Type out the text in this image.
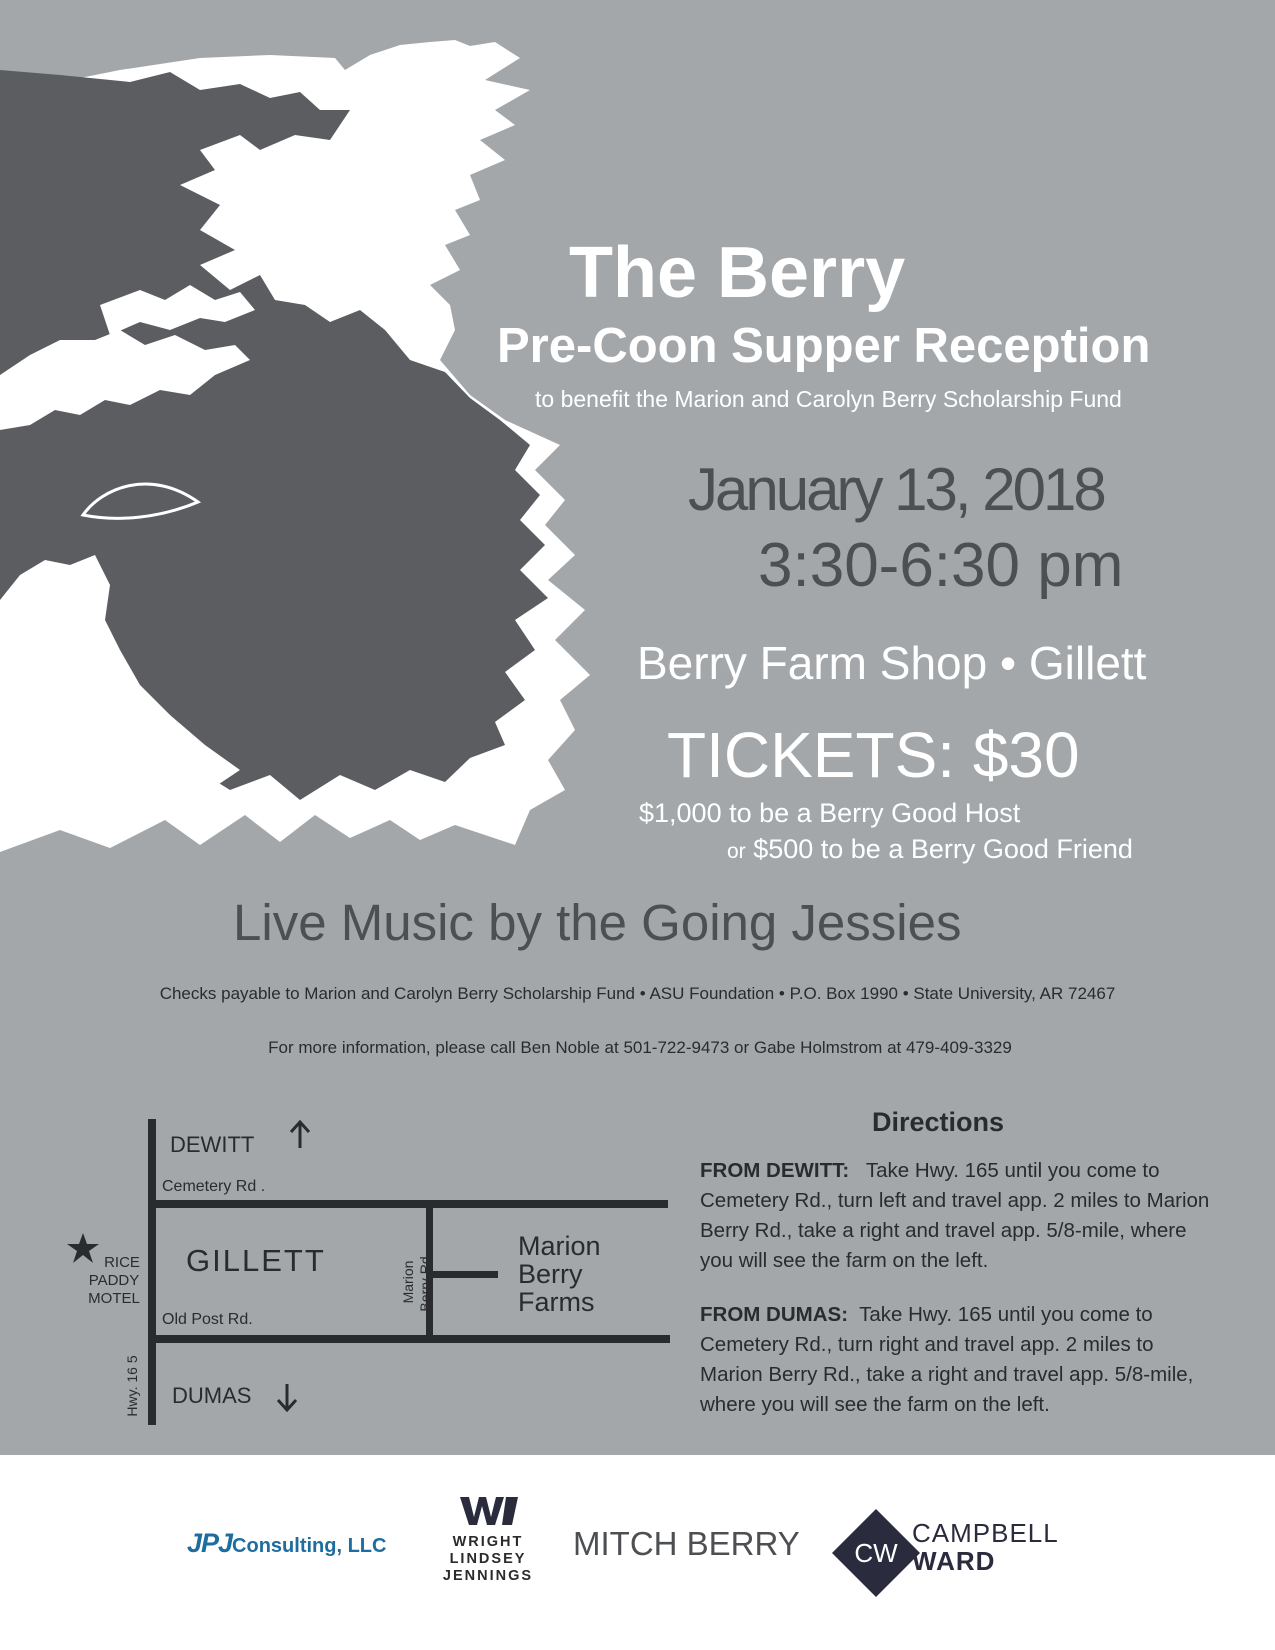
The Berry
Pre-Coon Supper Reception

to benefit the Marion and Carolyn Berry Scholarship Fund

January 13, 2018

3:30-6:30 pm

Berry Farm Shop • Gillett

TICKETS: $30

$1,000 to be a Berry Good Host

or $500 to be a Berry Good Friend

Live Music by the Going Jessies

Checks payable to Marion and Carolyn Berry Scholarship Fund • ASU Foundation • P.O. Box 1990 • State University, AR 72467

For more information, please call Ben Noble at 501-722-9473 or Gabe Holmstrom at 479-409-3329

DEWITT

Cemetery Rd .

GILLETT

Old Post Rd.

DUMAS

RICE
PADDY
MOTEL	Marion Berry Rd.

Hwy. 16 5

Marion
Berry
Farms
Directions

FROM DEWITT: Take Hwy. 165 until you come to Cemetery Rd., turn left and travel app. 2 miles to Marion Berry Rd., take a right and travel app. 5/8-mile, where you will see the farm on the left.

FROM DUMAS: Take Hwy. 165 until you come to Cemetery Rd., turn right and travel app. 2 miles to Marion Berry Rd., take a right and travel app. 5/8-mile, where you will see the farm on the left.

JPJConsulting, LLC	WRIGHT

LINDSEY

JENNINGS

MITCH BERRY CW

CAMPBELL

WARD
